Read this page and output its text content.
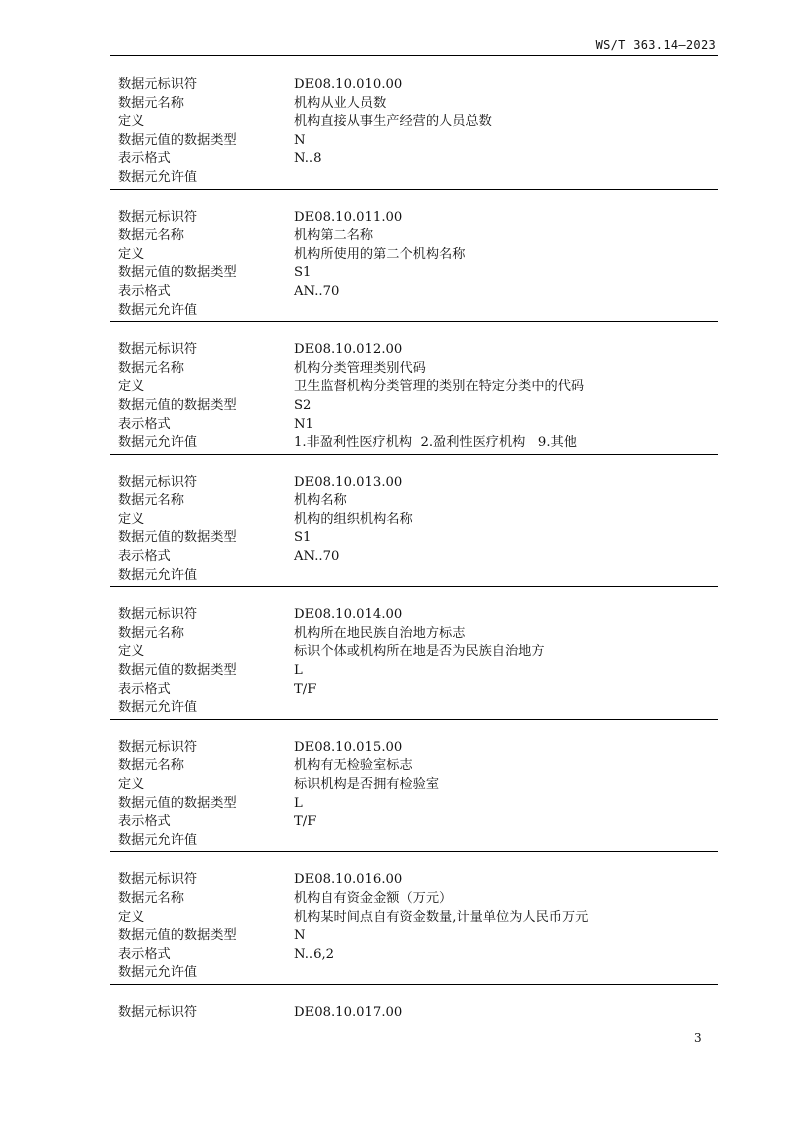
WS/T 363.14—2023
数据元标识符	DE08.10.010.00
数据元名称	机构从业人员数
定义	机构直接从事生产经营的人员总数
数据元值的数据类型	N
表示格式	N..8
数据元允许值
数据元标识符	DE08.10.011.00
数据元名称	机构第二名称
定义	机构所使用的第二个机构名称
数据元值的数据类型	S1
表示格式	AN..70
数据元允许值
数据元标识符	DE08.10.012.00
数据元名称	机构分类管理类别代码
定义	卫生监督机构分类管理的类别在特定分类中的代码
数据元值的数据类型	S2
表示格式	N1
数据元允许值	1.非盈利性医疗机构  2.盈利性医疗机构   9.其他
数据元标识符	DE08.10.013.00
数据元名称	机构名称
定义	机构的组织机构名称
数据元值的数据类型	S1
表示格式	AN..70
数据元允许值
数据元标识符	DE08.10.014.00
数据元名称	机构所在地民族自治地方标志
定义	标识个体或机构所在地是否为民族自治地方
数据元值的数据类型	L
表示格式	T/F
数据元允许值
数据元标识符	DE08.10.015.00
数据元名称	机构有无检验室标志
定义	标识机构是否拥有检验室
数据元值的数据类型	L
表示格式	T/F
数据元允许值
数据元标识符	DE08.10.016.00
数据元名称	机构自有资金金额（万元）
定义	机构某时间点自有资金数量,计量单位为人民币万元
数据元值的数据类型	N
表示格式	N..6,2
数据元允许值
数据元标识符	DE08.10.017.00
3
